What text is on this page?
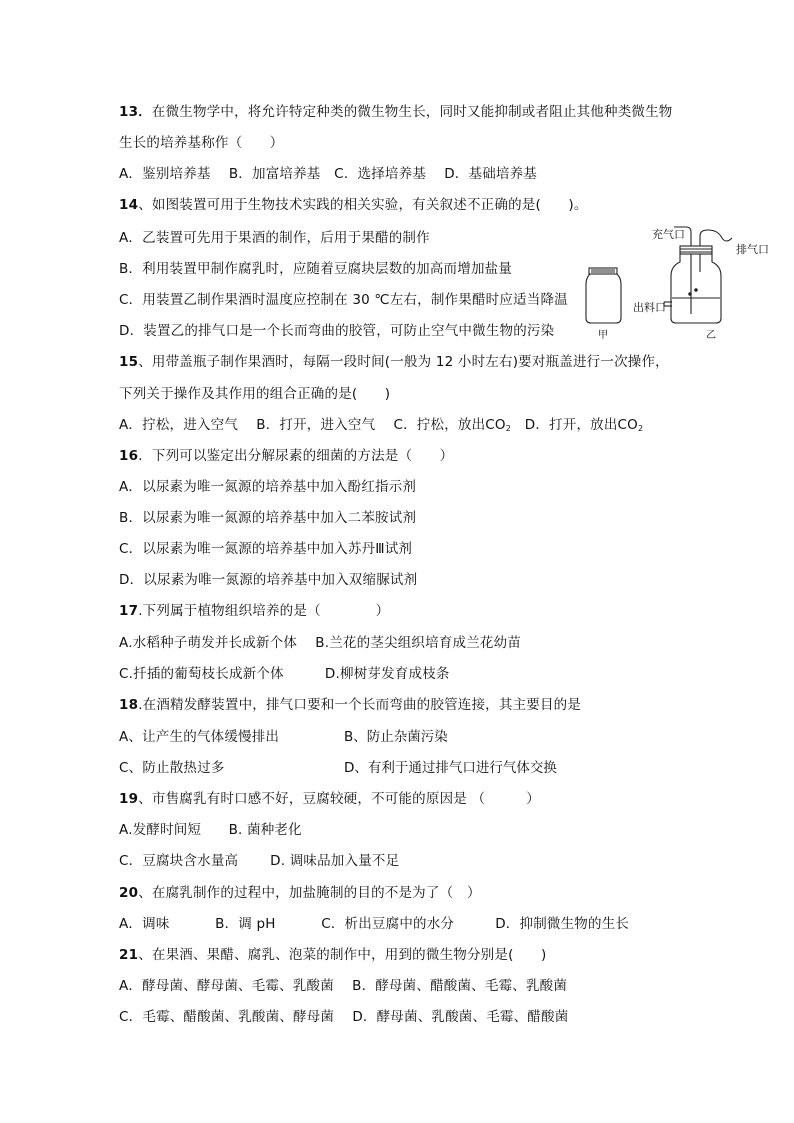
13．在微生物学中，将允许特定种类的微生物生长，同时又能抑制或者阻止其他种类微生物
生长的培养基称作（　　）
A．鉴别培养基　 B．加富培养基　C．选择培养基　 D．基础培养基
14、如图装置可用于生物技术实践的相关实验，有关叙述不正确的是(　　)。
A．乙装置可先用于果酒的制作，后用于果醋的制作
B．利用装置甲制作腐乳时，应随着豆腐块层数的加高而增加盐量
C．用装置乙制作果酒时温度应控制在 30 ℃左右，制作果醋时应适当降温
D．装置乙的排气口是一个长而弯曲的胶管，可防止空气中微生物的污染
充气口
排气口
出料口
甲	乙
15、用带盖瓶子制作果酒时，每隔一段时间(一般为 12 小时左右)要对瓶盖进行一次操作，
下列关于操作及其作用的组合正确的是(　　)
A．拧松，进入空气　 B．打开，进入空气　 C．拧松，放出$CO_2$　D．打开，放出$CO_2$
16．下列可以鉴定出分解尿素的细菌的方法是（　　）
A．以尿素为唯一氮源的培养基中加入酚红指示剂
B．以尿素为唯一氮源的培养基中加入二苯胺试剂
C．以尿素为唯一氮源的培养基中加入苏丹Ⅲ试剂
D．以尿素为唯一氮源的培养基中加入双缩脲试剂
17.下列属于植物组织培养的是（　　　　）
A.水稻种子萌发并长成新个体　 B.兰花的茎尖组织培育成兰花幼苗
C.扦插的葡萄枝长成新个体　　　D.柳树芽发育成枝条
18.在酒精发酵装置中，排气口要和一个长而弯曲的胶管连接，其主要目的是
A、让产生的气体缓慢排出	B、防止杂菌污染
C、防止散热过多	D、有利于通过排气口进行气体交换
19、市售腐乳有时口感不好，豆腐较硬，不可能的原因是 （　　　）
A.发酵时间短　　B. 菌种老化
C．豆腐块含水量高　　 D. 调味品加入量不足
20、在腐乳制作的过程中，加盐腌制的目的不是为了（　）
A．调味　　　 B．调 pH　　　 C．析出豆腐中的水分　　　D．抑制微生物的生长
21、在果酒、果醋、腐乳、泡菜的制作中，用到的微生物分别是(　　)
A．酵母菌、酵母菌、毛霉、乳酸菌　 B．酵母菌、醋酸菌、毛霉、乳酸菌
C．毛霉、醋酸菌、乳酸菌、酵母菌　 D．酵母菌、乳酸菌、毛霉、醋酸菌
